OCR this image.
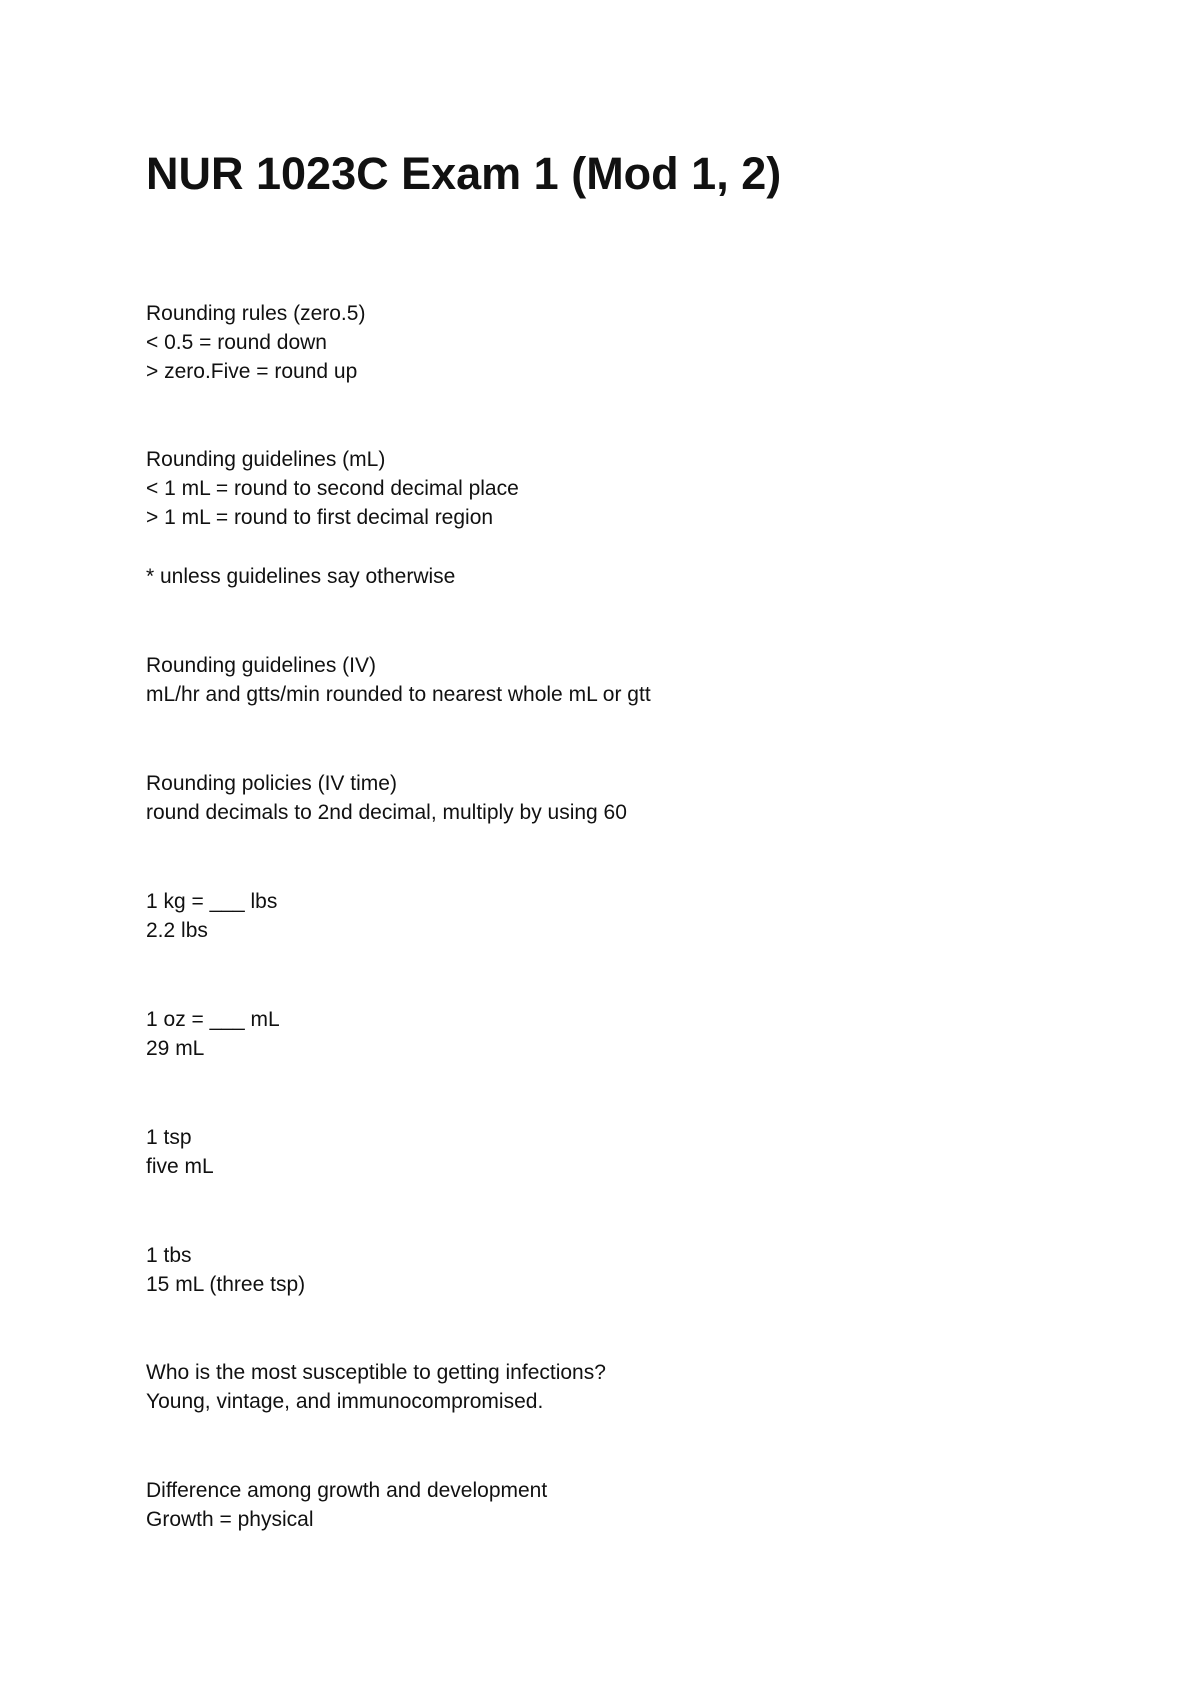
NUR 1023C Exam 1 (Mod 1, 2)

Rounding rules (zero.5)

< 0.5 = round down

> zero.Five = round up

Rounding guidelines (mL)

< 1 mL = round to second decimal place

> 1 mL = round to first decimal region

* unless guidelines say otherwise

Rounding guidelines (IV)

mL/hr and gtts/min rounded to nearest whole mL or gtt

Rounding policies (IV time)

round decimals to 2nd decimal, multiply by using 60

1 kg = ___ lbs

2.2 lbs

1 oz = ___ mL

29 mL

1 tsp

five mL

1 tbs

15 mL (three tsp)

Who is the most susceptible to getting infections?

Young, vintage, and immunocompromised.

Difference among growth and development

Growth = physical
